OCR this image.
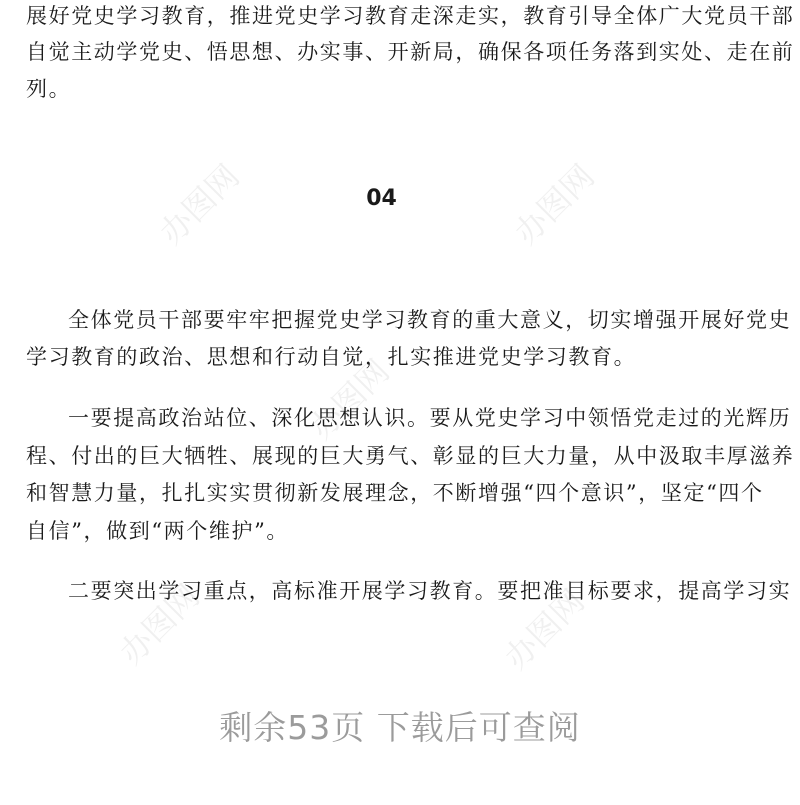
办图网	办图网
办图网
办图网	办图网
展好党史学习教育，推进党史学习教育走深走实，教育引导全体广大党员干部
自觉主动学党史、悟思想、办实事、开新局，确保各项任务落到实处、走在前
列。
04
全体党员干部要牢牢把握党史学习教育的重大意义，切实增强开展好党史
学习教育的政治、思想和行动自觉，扎实推进党史学习教育。
一要提高政治站位、深化思想认识。要从党史学习中领悟党走过的光辉历
程、付出的巨大牺牲、展现的巨大勇气、彰显的巨大力量，从中汲取丰厚滋养
和智慧力量，扎扎实实贯彻新发展理念，不断增强“四个意识”，坚定“四个
自信”，做到“两个维护”。
二要突出学习重点，高标准开展学习教育。要把准目标要求，提高学习实
剩余53页 下载后可查阅
